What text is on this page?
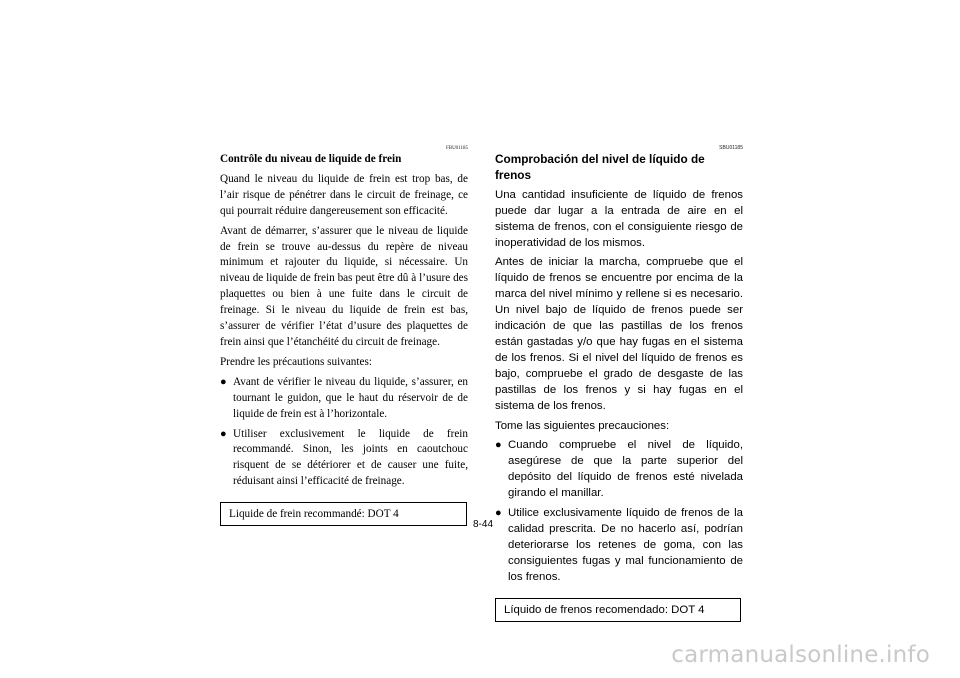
FBU01185
Contrôle du niveau de liquide de frein

Quand le niveau du liquide de frein est trop bas, de l’air risque de pénétrer dans le circuit de freinage, ce qui pourrait réduire dangereusement son efficacité.

Avant de démarrer, s’assurer que le niveau de liquide de frein se trouve au-dessus du repère de niveau minimum et rajouter du liquide, si nécessaire. Un niveau de liquide de frein bas peut être dû à l’usure des plaquettes ou bien à une fuite dans le circuit de freinage. Si le niveau du liquide de frein est bas, s’assurer de vérifier l’état d’usure des plaquettes de frein ainsi que l’étanchéité du circuit de freinage.

Prendre les précautions suivantes:

● Avant de vérifier le niveau du liquide, s’assurer, en tournant le guidon, que le haut du réservoir de de liquide de frein est à l’horizontale.
● Utiliser exclusivement le liquide de frein recommandé. Sinon, les joints en caoutchouc risquent de se détériorer et de causer une fuite, réduisant ainsi l’efficacité de freinage.
Liquide de frein recommandé: DOT 4
SBU01185
Comprobación del nivel de líquido de frenos

Una cantidad insuficiente de líquido de frenos puede dar lugar a la entrada de aire en el sistema de frenos, con el consiguiente riesgo de inoperatividad de los mismos.

Antes de iniciar la marcha, compruebe que el líquido de frenos se encuentre por encima de la marca del nivel mínimo y rellene si es necesario. Un nivel bajo de líquido de frenos puede ser indicación de que las pastillas de los frenos están gastadas y/o que hay fugas en el sistema de los frenos. Si el nivel del líquido de frenos es bajo, compruebe el grado de desgaste de las pastillas de los frenos y si hay fugas en el sistema de los frenos.

Tome las siguientes precauciones:

● Cuando compruebe el nivel de líquido, asegúrese de que la parte superior del depósito del líquido de frenos esté nivelada girando el manillar.
● Utilice exclusivamente líquido de frenos de la calidad prescrita. De no hacerlo así, podrían deteriorarse los retenes de goma, con las consiguientes fugas y mal funcionamiento de los frenos.
Líquido de frenos recomendado: DOT 4
8-44
carmanualsonline.info
